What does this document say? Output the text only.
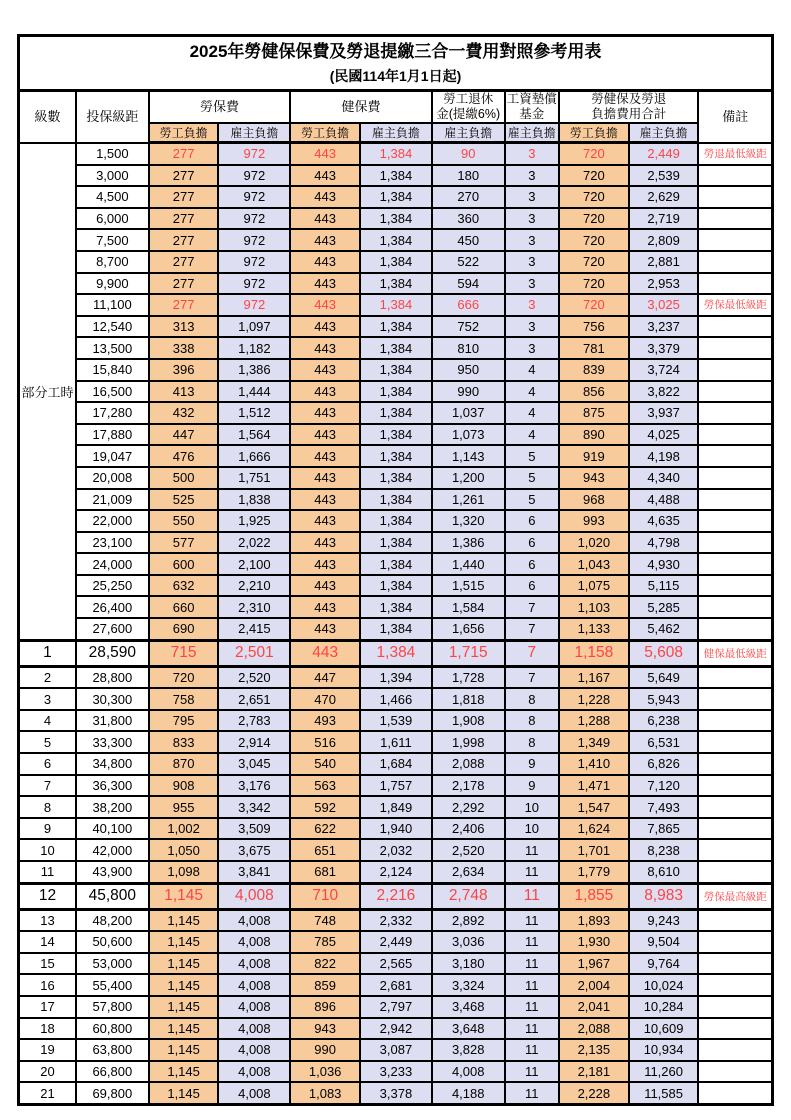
2025年勞健保保費及勞退提繳三合一費用對照參考用表
(民國114年1月1日起)										

級數	投保級距	勞保費	健保費	勞工退休
金(提繳6%)

工資墊償
基金

勞健保及勞退
負擔費用合計	備註
		勞工負擔	雇主負擔	勞工負擔	雇主負擔	雇主負擔	雇主負擔	勞工負擔	雇主負擔	
部分工時	1,500	277	972	443	1,384	90	3	720	2,449	勞退最低級距
	3,000	277	972	443	1,384	180	3	720	2,539	
	4,500	277	972	443	1,384	270	3	720	2,629	
	6,000	277	972	443	1,384	360	3	720	2,719	
	7,500	277	972	443	1,384	450	3	720	2,809	
	8,700	277	972	443	1,384	522	3	720	2,881	
	9,900	277	972	443	1,384	594	3	720	2,953	
	11,100	277	972	443	1,384	666	3	720	3,025	勞保最低級距
	12,540	313	1,097	443	1,384	752	3	756	3,237	
	13,500	338	1,182	443	1,384	810	3	781	3,379	
	15,840	396	1,386	443	1,384	950	4	839	3,724	
	16,500	413	1,444	443	1,384	990	4	856	3,822	
	17,280	432	1,512	443	1,384	1,037	4	875	3,937	
	17,880	447	1,564	443	1,384	1,073	4	890	4,025	
	19,047	476	1,666	443	1,384	1,143	5	919	4,198	
	20,008	500	1,751	443	1,384	1,200	5	943	4,340	
	21,009	525	1,838	443	1,384	1,261	5	968	4,488	
	22,000	550	1,925	443	1,384	1,320	6	993	4,635	
	23,100	577	2,022	443	1,384	1,386	6	1,020	4,798	
	24,000	600	2,100	443	1,384	1,440	6	1,043	4,930	
	25,250	632	2,210	443	1,384	1,515	6	1,075	5,115	
	26,400	660	2,310	443	1,384	1,584	7	1,103	5,285	
	27,600	690	2,415	443	1,384	1,656	7	1,133	5,462	
1	28,590	715	2,501	443	1,384	1,715	7	1,158	5,608	健保最低級距
2	28,800	720	2,520	447	1,394	1,728	7	1,167	5,649	
3	30,300	758	2,651	470	1,466	1,818	8	1,228	5,943	
4	31,800	795	2,783	493	1,539	1,908	8	1,288	6,238	
5	33,300	833	2,914	516	1,611	1,998	8	1,349	6,531	
6	34,800	870	3,045	540	1,684	2,088	9	1,410	6,826	
7	36,300	908	3,176	563	1,757	2,178	9	1,471	7,120	
8	38,200	955	3,342	592	1,849	2,292	10	1,547	7,493	
9	40,100	1,002	3,509	622	1,940	2,406	10	1,624	7,865	
10	42,000	1,050	3,675	651	2,032	2,520	11	1,701	8,238	
11	43,900	1,098	3,841	681	2,124	2,634	11	1,779	8,610	
12	45,800	1,145	4,008	710	2,216	2,748	11	1,855	8,983	勞保最高級距
13	48,200	1,145	4,008	748	2,332	2,892	11	1,893	9,243	
14	50,600	1,145	4,008	785	2,449	3,036	11	1,930	9,504	
15	53,000	1,145	4,008	822	2,565	3,180	11	1,967	9,764	
16	55,400	1,145	4,008	859	2,681	3,324	11	2,004	10,024	
17	57,800	1,145	4,008	896	2,797	3,468	11	2,041	10,284	
18	60,800	1,145	4,008	943	2,942	3,648	11	2,088	10,609	
19	63,800	1,145	4,008	990	3,087	3,828	11	2,135	10,934	
20	66,800	1,145	4,008	1,036	3,233	4,008	11	2,181	11,260	
21	69,800	1,145	4,008	1,083	3,378	4,188	11	2,228	11,585	
